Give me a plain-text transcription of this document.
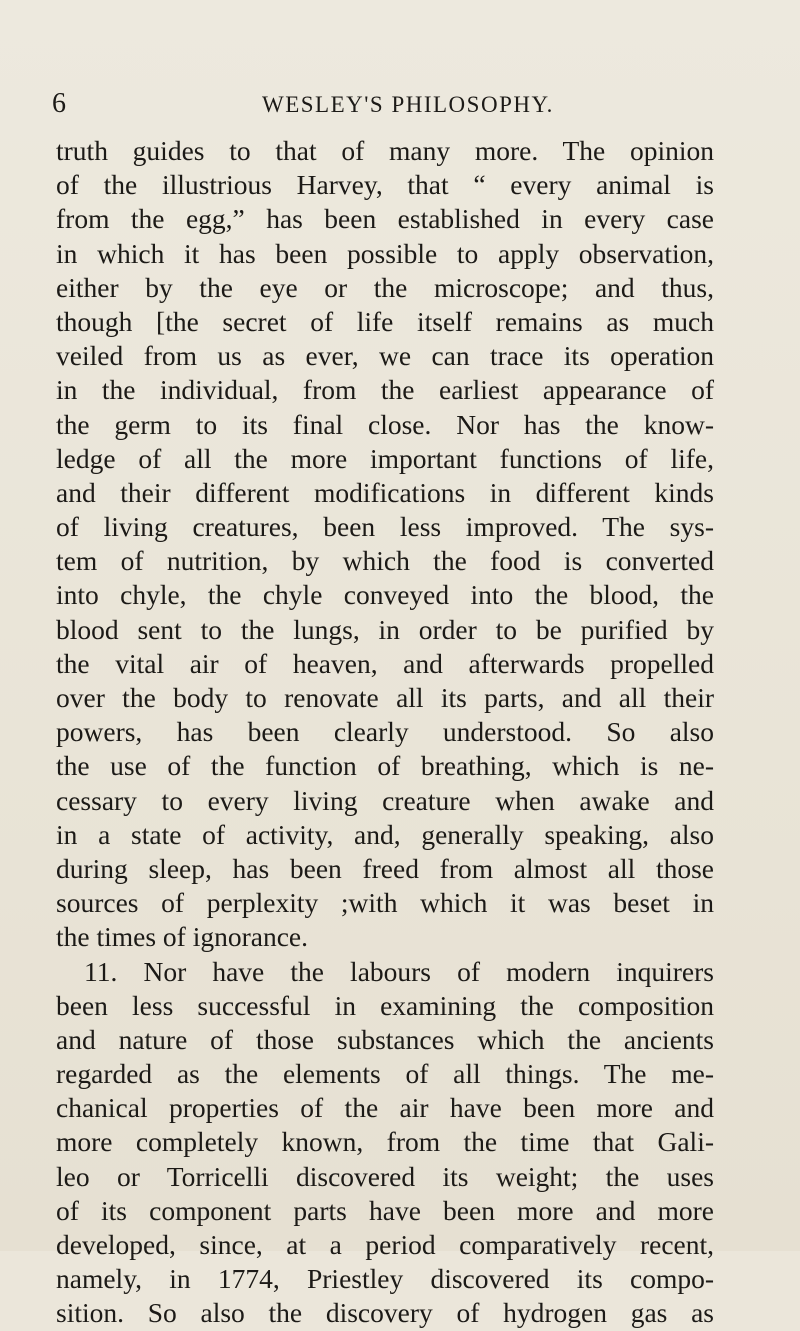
6	WESLEY'S PHILOSOPHY.
truth guides to that of many more. The opinion
of the illustrious Harvey, that “ every animal is
from the egg,” has been established in every case
in which it has been possible to apply observation,
either by the eye or the microscope; and thus,
though [the secret of life itself remains as much
veiled from us as ever, we can trace its operation
in the individual, from the earliest appearance of
the germ to its final close. Nor has the know-
ledge of all the more important functions of life,
and their different modifications in different kinds
of living creatures, been less improved. The sys-
tem of nutrition, by which the food is converted
into chyle, the chyle conveyed into the blood, the
blood sent to the lungs, in order to be purified by
the vital air of heaven, and afterwards propelled
over the body to renovate all its parts, and all their
powers, has been clearly understood. So also
the use of the function of breathing, which is ne-
cessary to every living creature when awake and
in a state of activity, and, generally speaking, also
during sleep, has been freed from almost all those
sources of perplexity ;with which it was beset in
the times of ignorance.
11. Nor have the labours of modern inquirers
been less successful in examining the composition
and nature of those substances which the ancients
regarded as the elements of all things. The me-
chanical properties of the air have been more and
more completely known, from the time that Gali-
leo or Torricelli discovered its weight; the uses
of its component parts have been more and more
developed, since, at a period comparatively recent,
namely, in 1774, Priestley discovered its compo-
sition. So also the discovery of hydrogen gas as
